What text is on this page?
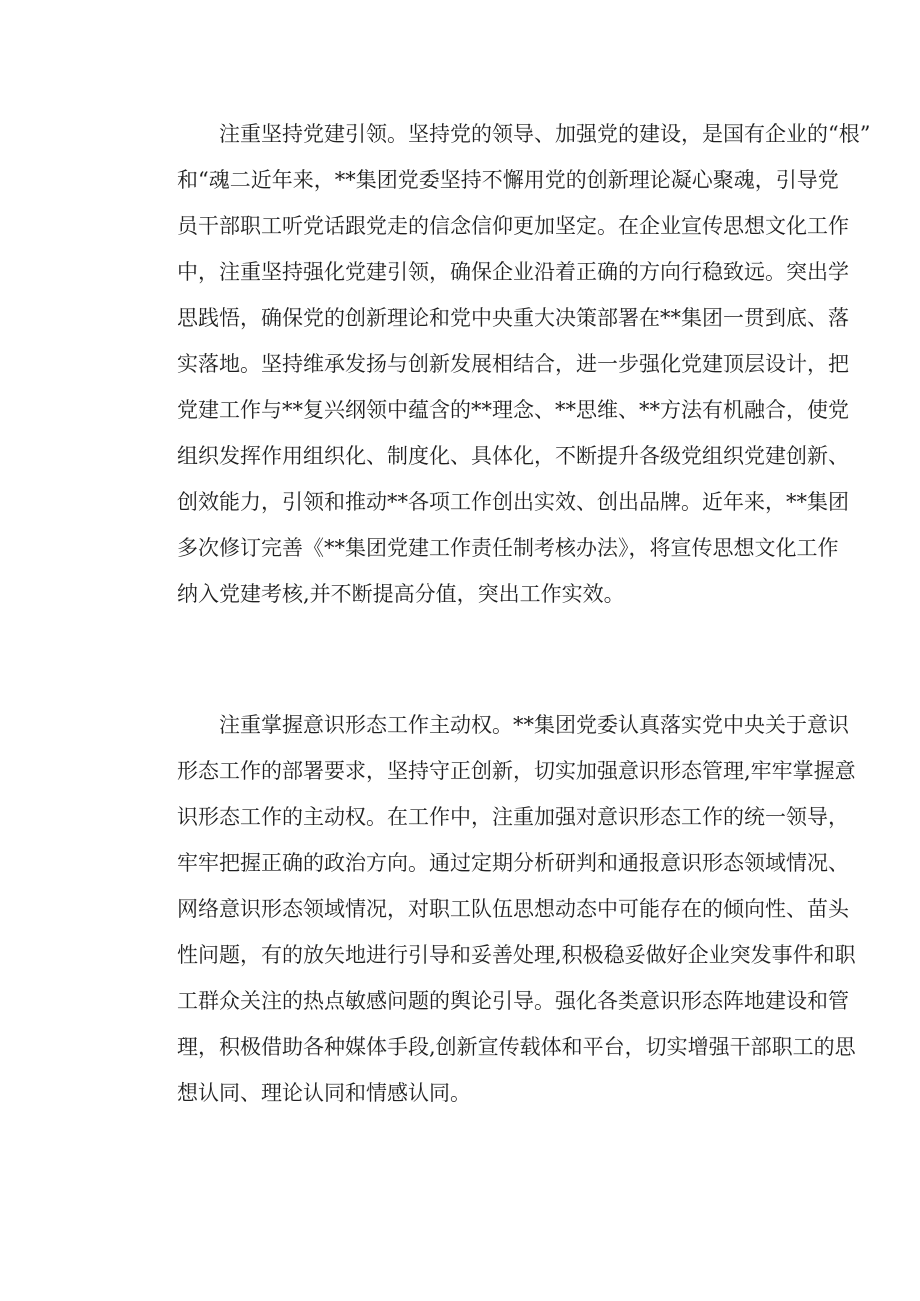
注重坚持党建引领。坚持党的领导、加强党的建设，是国有企业的“根”
和“魂二近年来，**集团党委坚持不懈用党的创新理论凝心聚魂，引导党
员干部职工听党话跟党走的信念信仰更加坚定。在企业宣传思想文化工作
中，注重坚持强化党建引领，确保企业沿着正确的方向行稳致远。突出学
思践悟，确保党的创新理论和党中央重大决策部署在**集团一贯到底、落
实落地。坚持维承发扬与创新发展相结合，进一步强化党建顶层设计，把
党建工作与**复兴纲领中蕴含的**理念、**思维、**方法有机融合，使党
组织发挥作用组织化、制度化、具体化，不断提升各级党组织党建创新、
创效能力，引领和推动**各项工作创出实效、创出品牌。近年来，**集团
多次修订完善《**集团党建工作责任制考核办法》，将宣传思想文化工作
纳入党建考核,并不断提高分值，突出工作实效。
注重掌握意识形态工作主动权。**集团党委认真落实党中央关于意识
形态工作的部署要求，坚持守正创新，切实加强意识形态管理,牢牢掌握意
识形态工作的主动权。在工作中，注重加强对意识形态工作的统一领导，
牢牢把握正确的政治方向。通过定期分析研判和通报意识形态领域情况、
网络意识形态领域情况，对职工队伍思想动态中可能存在的倾向性、苗头
性问题，有的放矢地进行引导和妥善处理,积极稳妥做好企业突发事件和职
工群众关注的热点敏感问题的舆论引导。强化各类意识形态阵地建设和管
理，积极借助各种媒体手段,创新宣传载体和平台，切实增强干部职工的思
想认同、理论认同和情感认同。
